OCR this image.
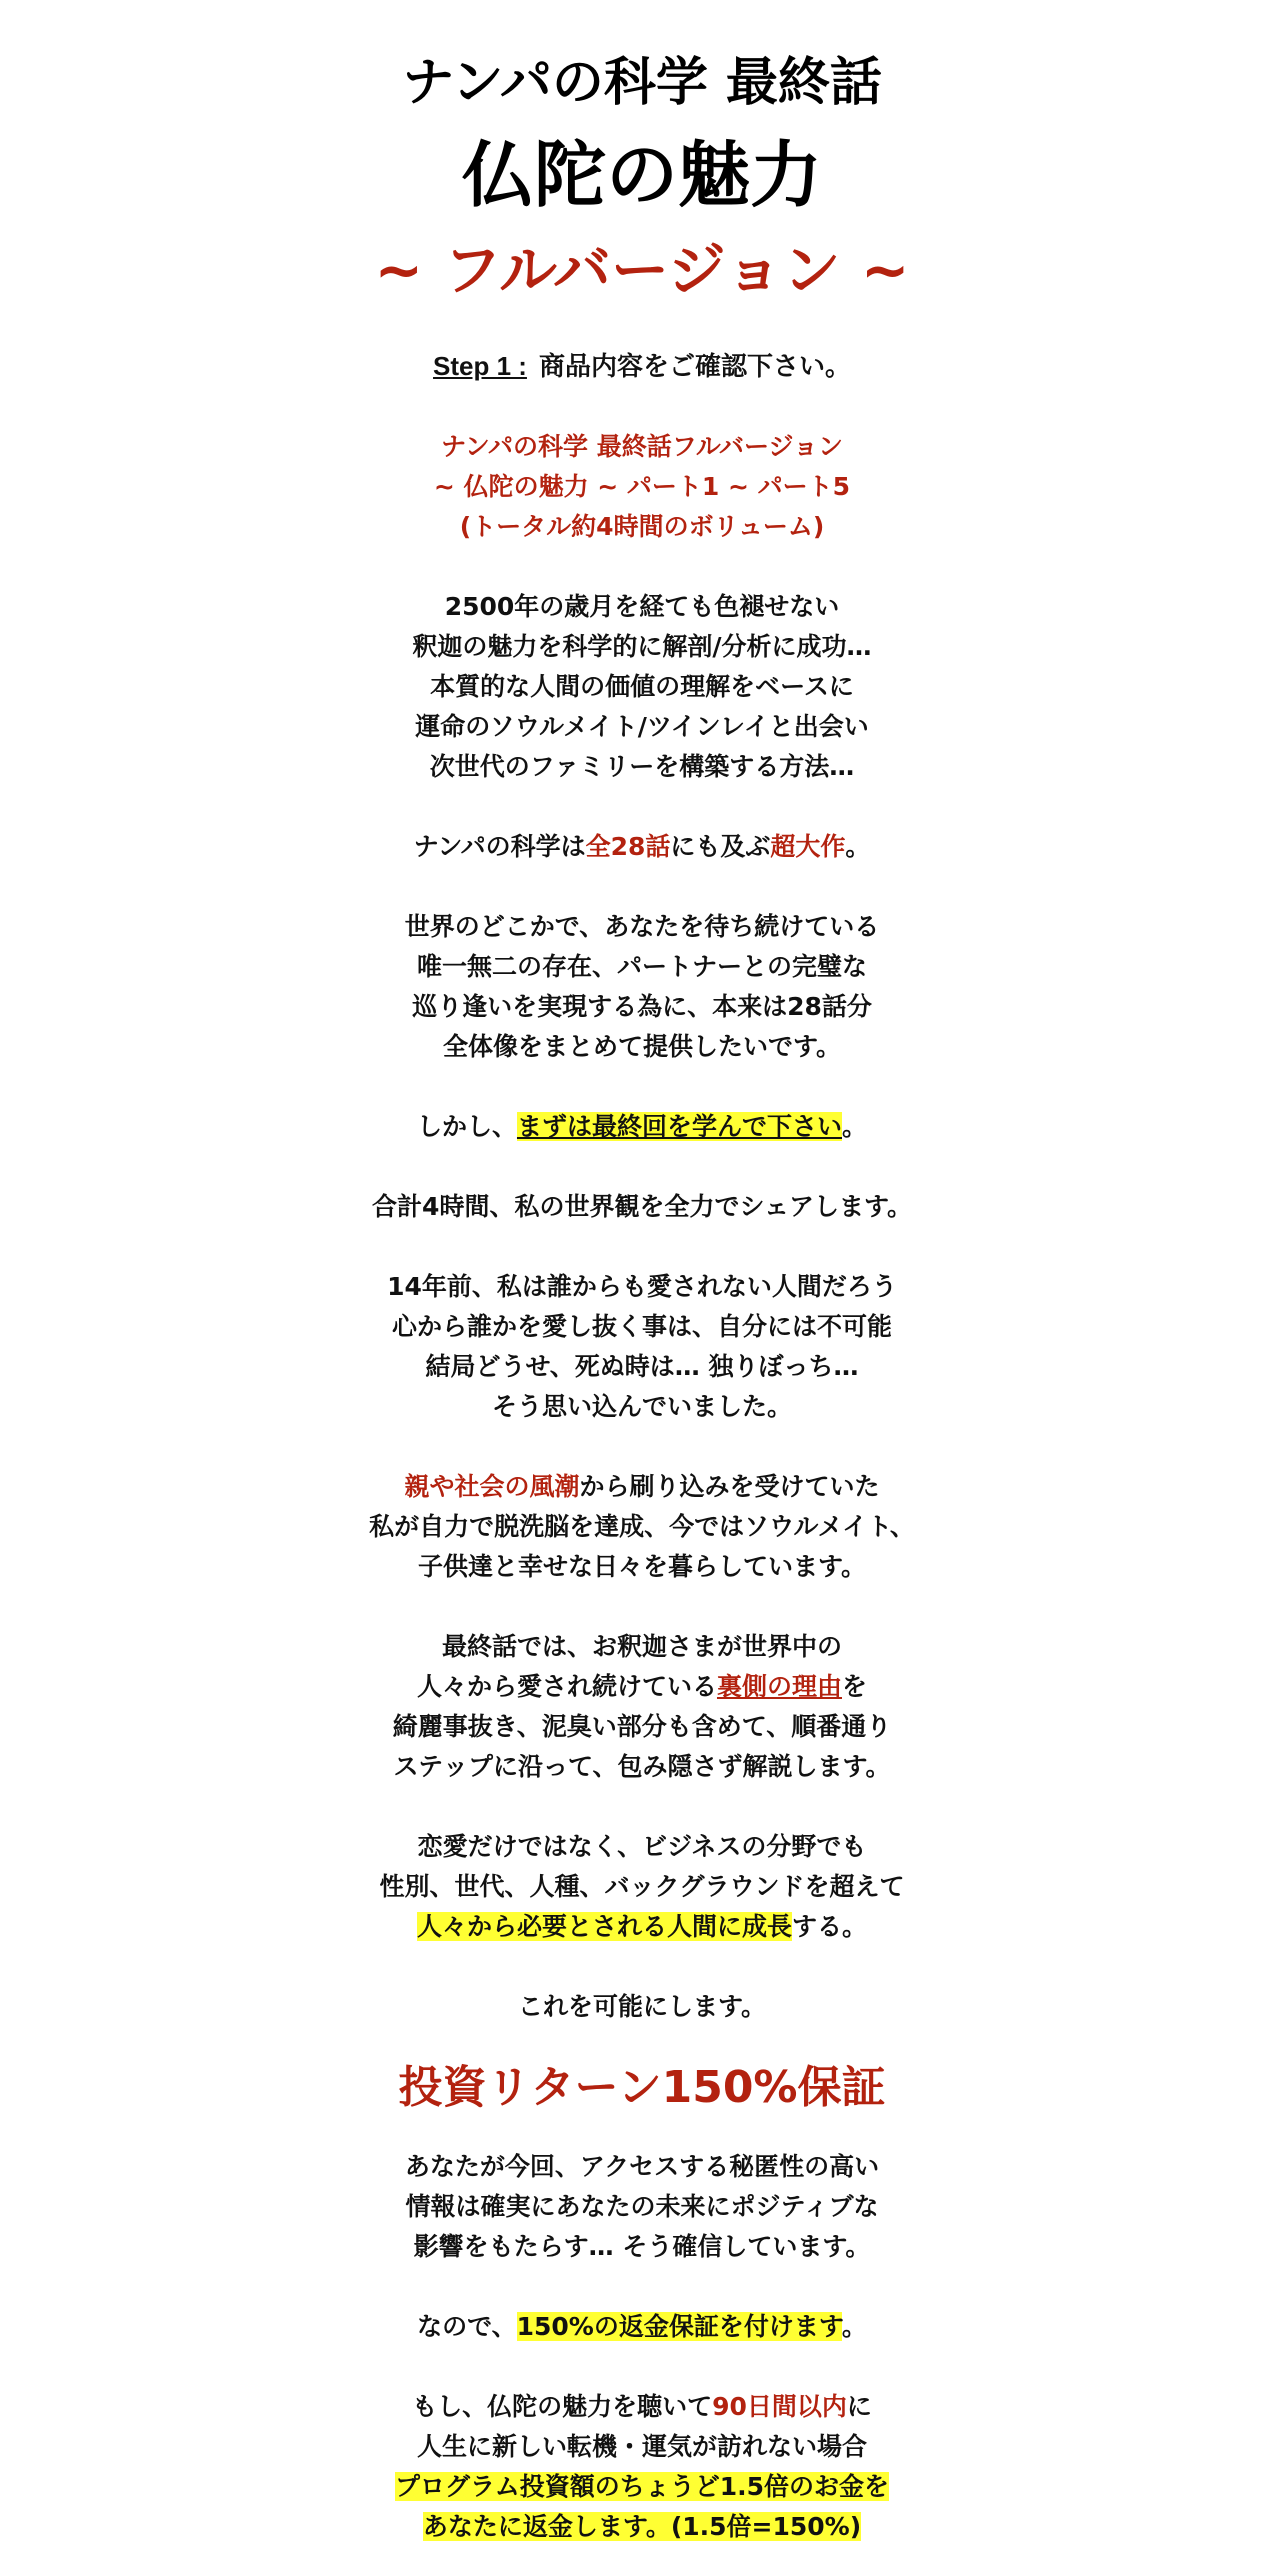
ナンパの科学 最終話
仏陀の魅力
~ フルバージョン ~
Step 1 : 商品内容をご確認下さい。
ナンパの科学 最終話フルバージョン
~ 仏陀の魅力 ~ パート1 ~ パート5
(トータル約4時間のボリューム)
2500年の歳月を経ても色褪せない
釈迦の魅力を科学的に解剖/分析に成功…
本質的な人間の価値の理解をベースに
運命のソウルメイト/ツインレイと出会い
次世代のファミリーを構築する方法…
ナンパの科学は全28話にも及ぶ超大作。
世界のどこかで、あなたを待ち続けている
唯一無二の存在、パートナーとの完璧な
巡り逢いを実現する為に、本来は28話分
全体像をまとめて提供したいです。
しかし、まずは最終回を学んで下さい。
合計4時間、私の世界観を全力でシェアします。
14年前、私は誰からも愛されない人間だろう
心から誰かを愛し抜く事は、自分には不可能
結局どうせ、死ぬ時は… 独りぼっち…
そう思い込んでいました。
親や社会の風潮から刷り込みを受けていた
私が自力で脱洗脳を達成、今ではソウルメイト、
子供達と幸せな日々を暮らしています。
最終話では、お釈迦さまが世界中の
人々から愛され続けている裏側の理由を
綺麗事抜き、泥臭い部分も含めて、順番通り
ステップに沿って、包み隠さず解説します。
恋愛だけではなく、ビジネスの分野でも
性別、世代、人種、バックグラウンドを超えて
人々から必要とされる人間に成長する。
これを可能にします。
投資リターン150%保証
あなたが今回、アクセスする秘匿性の高い
情報は確実にあなたの未来にポジティブな
影響をもたらす… そう確信しています。
なので、150%の返金保証を付けます。
もし、仏陀の魅力を聴いて90日間以内に
人生に新しい転機・運気が訪れない場合
プログラム投資額のちょうど1.5倍のお金を
あなたに返金します。(1.5倍=150%)
